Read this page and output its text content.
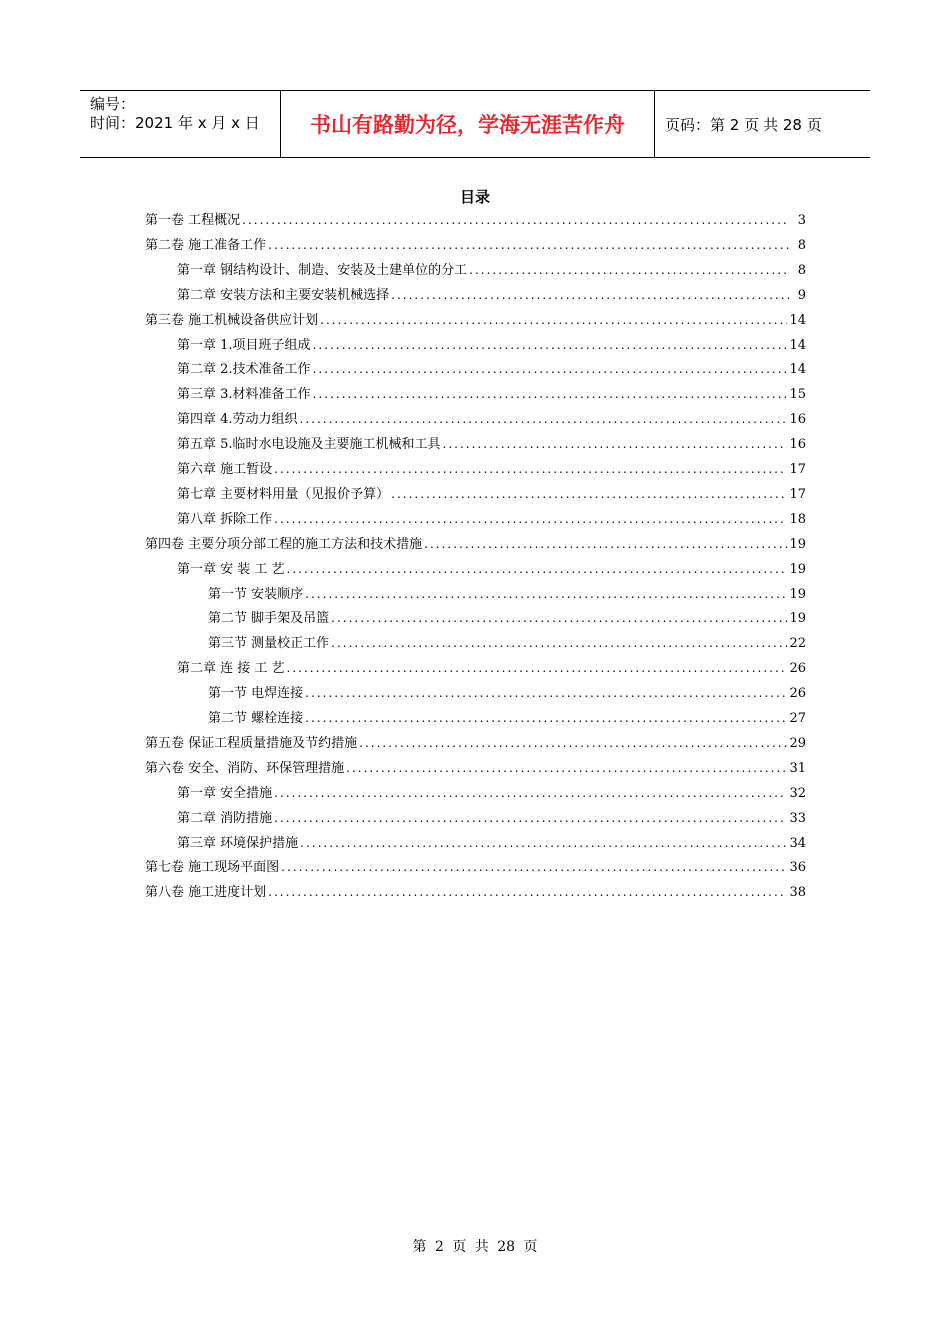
编号：
时间：2021 年 x 月 x 日	书山有路勤为径，学海无涯苦作舟	页码：第 2 页 共 28 页
目录
第一卷 工程概况 .....	3
第二卷 施工准备工作 .....	8
第一章 钢结构设计、制造、安装及土建单位的分工 .....	8
第二章 安装方法和主要安装机械选择 .....	9
第三卷 施工机械设备供应计划 .....	14
第一章 1.项目班子组成 .....	14
第二章 2.技术准备工作 .....	14
第三章 3.材料准备工作 .....	15
第四章 4.劳动力组织 .....	16
第五章 5.临时水电设施及主要施工机械和工具 .....	16
第六章 施工暂设 .....	17
第七章 主要材料用量（见报价予算） .....	17
第八章 拆除工作 .....	18
第四卷 主要分项分部工程的施工方法和技术措施 .....	19
第一章 安 装 工 艺 .....	19
第一节 安装顺序 .....	19
第二节 脚手架及吊篮 .....	19
第三节 测量校正工作 .....	22
第二章 连 接 工 艺 .....	26
第一节 电焊连接 .....	26
第二节 螺栓连接 .....	27
第五卷 保证工程质量措施及节约措施 .....	29
第六卷 安全、消防、环保管理措施 .....	31
第一章 安全措施 .....	32
第二章 消防措施 .....	33
第三章 环境保护措施 .....	34
第七卷 施工现场平面图 .....	36
第八卷 施工进度计划 .....	38
第 2 页 共 28 页
